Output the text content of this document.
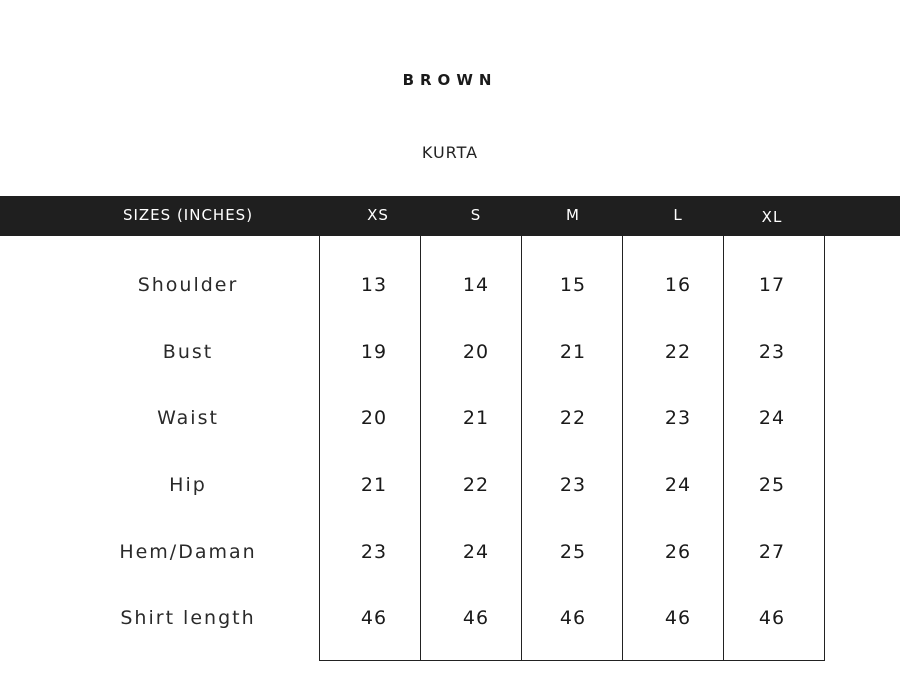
BROWN
KURTA
SIZES (INCHES)	XS	S	M	L	XL
Shoulder	13	14	15	16	17
Bust	19	20	21	22	23
Waist	20	21	22	23	24
Hip	21	22	23	24	25
Hem/Daman	23	24	25	26	27
Shirt length	46	46	46	46	46
